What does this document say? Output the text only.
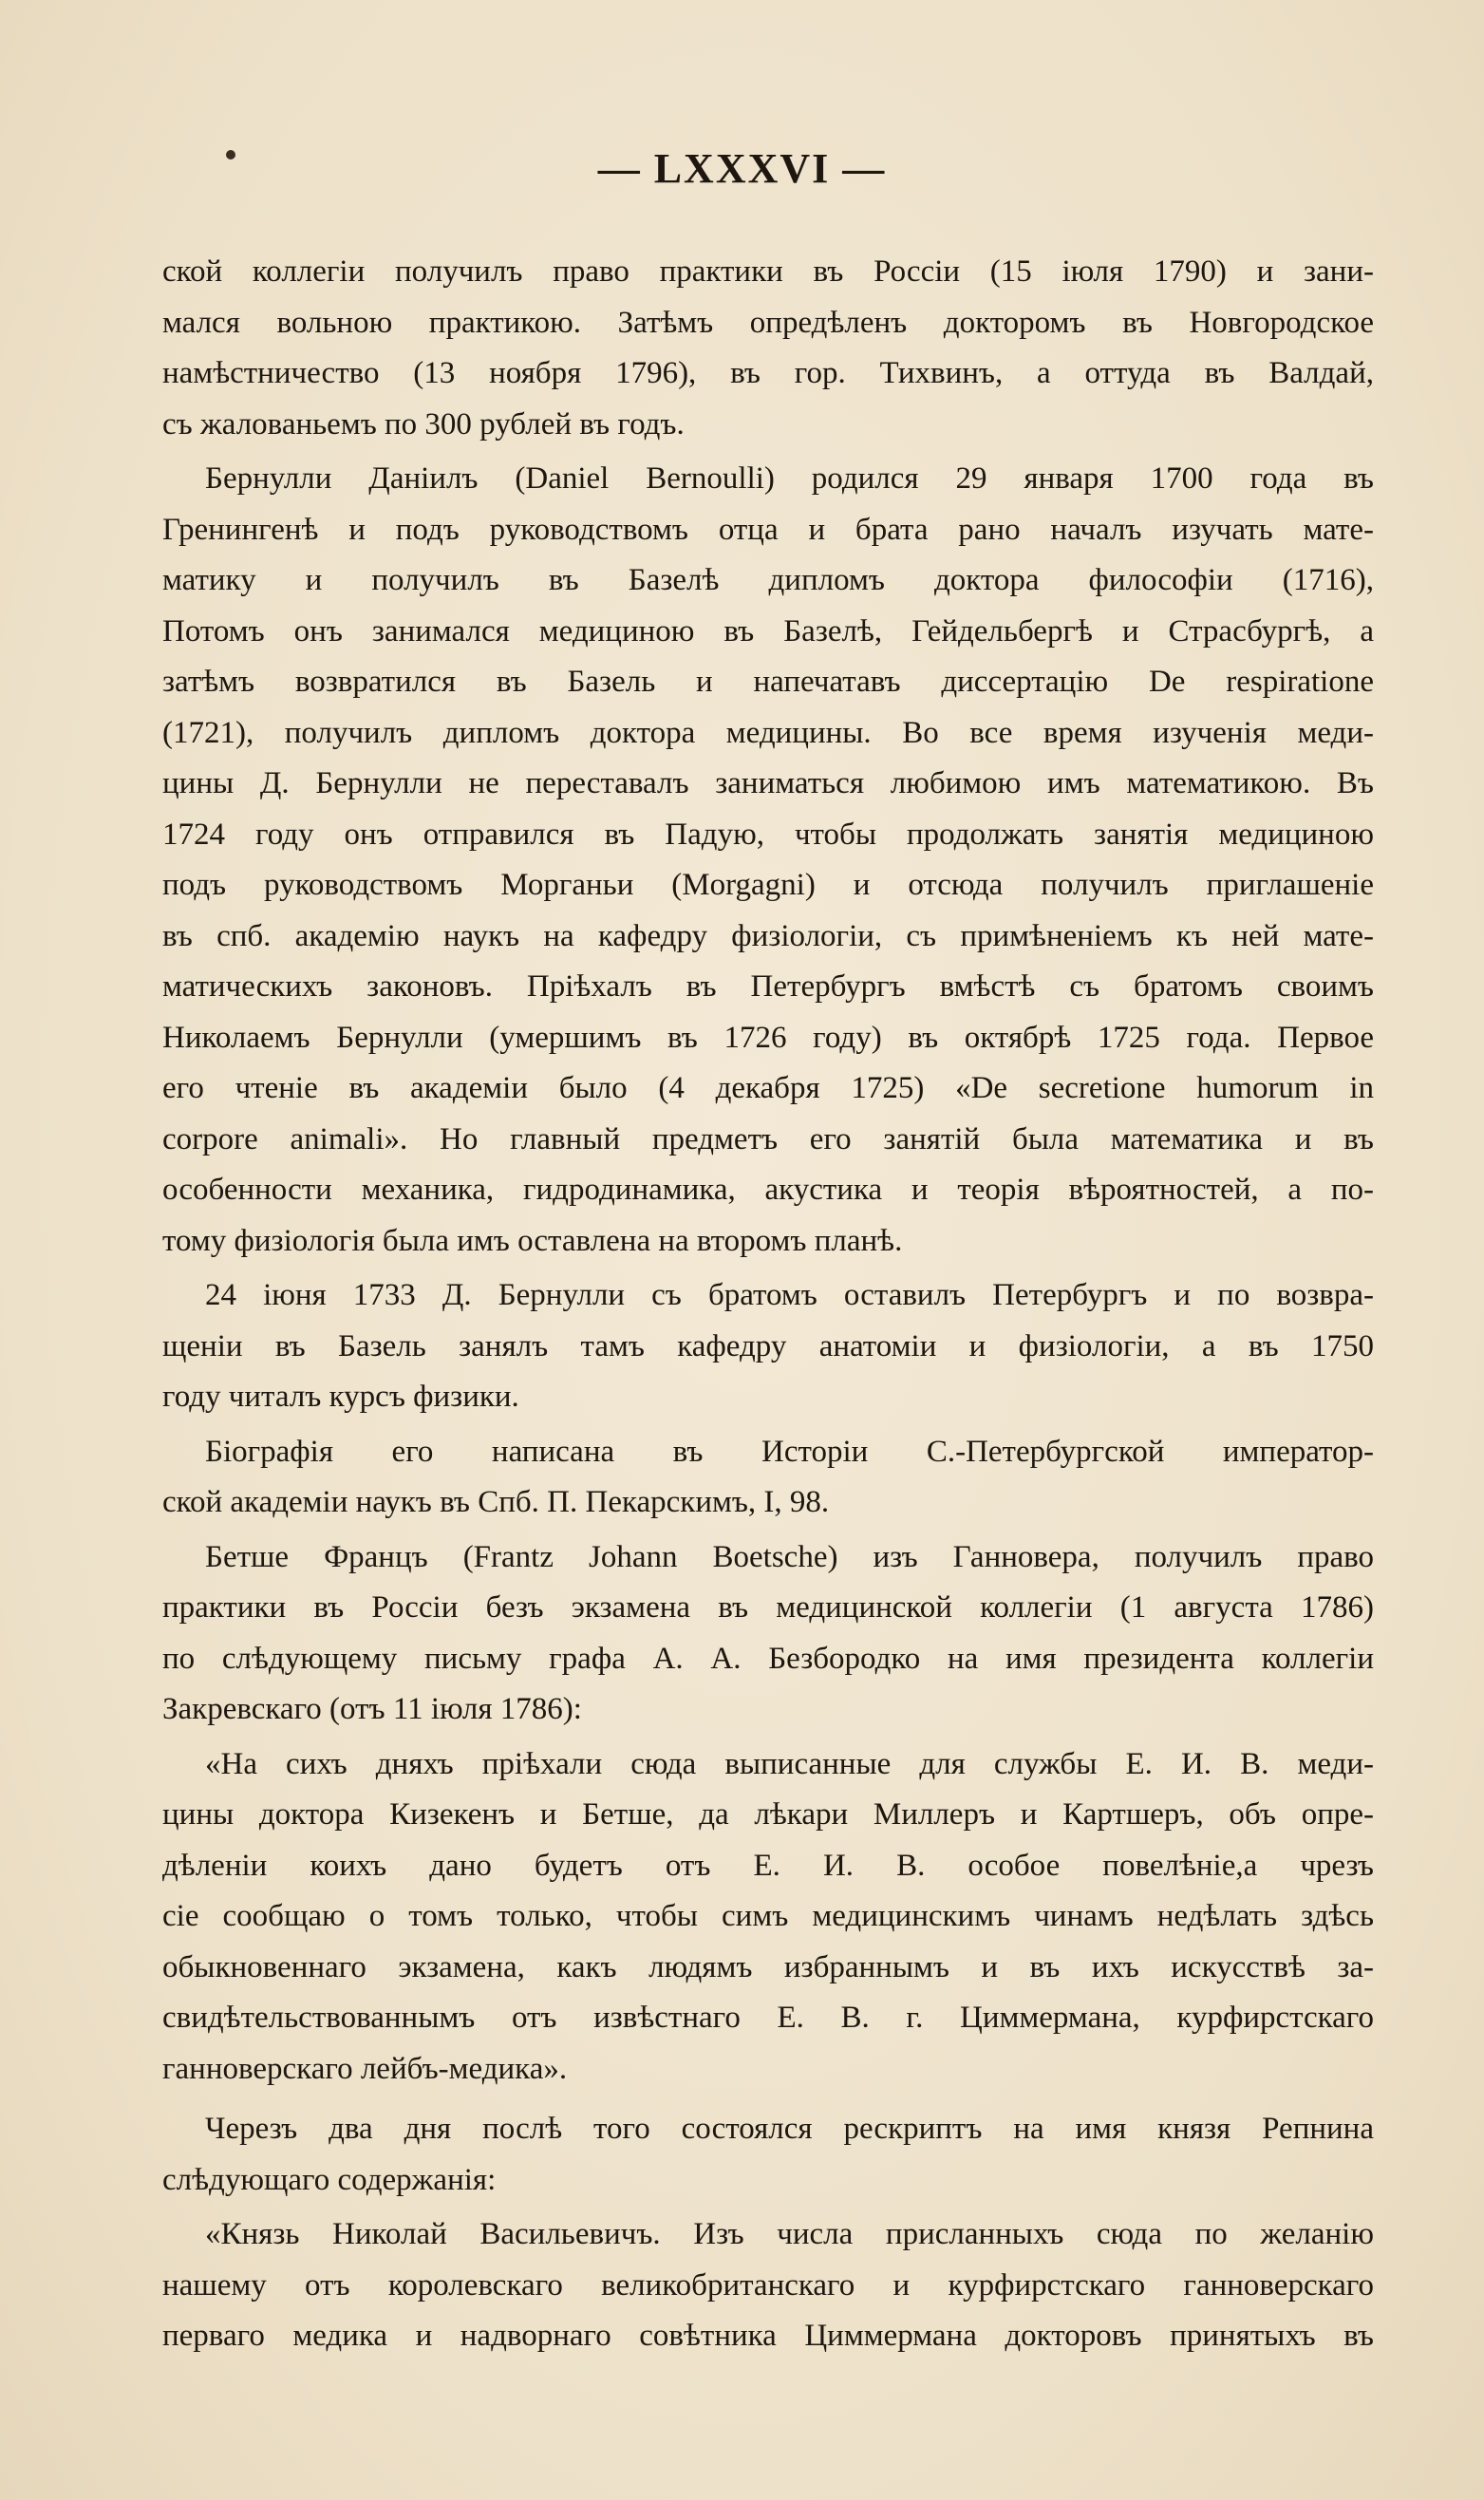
— LXXXVI —
ской коллегіи получилъ право практики въ Россіи (15 іюля 1790) и зани-
мался вольною практикою. Затѣмъ опредѣленъ докторомъ въ Новгородское
намѣстничество (13 ноября 1796), въ гор. Тихвинъ, а оттуда въ Валдай,
съ жалованьемъ по 300 рублей въ годъ.
Бернулли Даніилъ (Daniel Bernoulli) родился 29 января 1700 года въ
Гренингенѣ и подъ руководствомъ отца и брата рано началъ изучать мате-
матику и получилъ въ Базелѣ дипломъ доктора философіи (1716),
Потомъ онъ занимался медициною въ Базелѣ, Гейдельбергѣ и Страсбургѣ, а
затѣмъ возвратился въ Базель и напечатавъ диссертацію De respiratione
(1721), получилъ дипломъ доктора медицины. Во все время изученія меди-
цины Д. Бернулли не переставалъ заниматься любимою имъ математикою. Въ
1724 году онъ отправился въ Падую, чтобы продолжать занятія медициною
подъ руководствомъ Морганьи (Morgagni) и отсюда получилъ приглашеніе
въ спб. академію наукъ на кафедру физіологіи, съ примѣненіемъ къ ней мате-
матическихъ законовъ. Пріѣхалъ въ Петербургъ вмѣстѣ съ братомъ своимъ
Николаемъ Бернулли (умершимъ въ 1726 году) въ октябрѣ 1725 года. Первое
его чтеніе въ академіи было (4 декабря 1725) «De secretione humorum in
corpore animali». Но главный предметъ его занятій была математика и въ
особенности механика, гидродинамика, акустика и теорія вѣроятностей, а по-
тому физіологія была имъ оставлена на второмъ планѣ.
24 іюня 1733 Д. Бернулли съ братомъ оставилъ Петербургъ и по возвра-
щеніи въ Базель занялъ тамъ кафедру анатоміи и физіологіи, а въ 1750
году читалъ курсъ физики.
Біографія его написана въ Исторіи С.-Петербургской император-
ской академіи наукъ въ Спб. П. Пекарскимъ, I, 98.
Бетше Францъ (Frantz Johann Boetsche) изъ Ганновера, получилъ право
практики въ Россіи безъ экзамена въ медицинской коллегіи (1 августа 1786)
по слѣдующему письму графа А. А. Безбородко на имя президента коллегіи
Закревскаго (отъ 11 іюля 1786):
«На сихъ дняхъ пріѣхали сюда выписанные для службы Е. И. В. меди-
цины доктора Кизекенъ и Бетше, да лѣкари Миллеръ и Картшеръ, объ опре-
дѣленіи коихъ дано будетъ отъ Е. И. В. особое повелѣніе,а чрезъ
сіе сообщаю о томъ только, чтобы симъ медицинскимъ чинамъ недѣлать здѣсь
обыкновеннаго экзамена, какъ людямъ избраннымъ и въ ихъ искусствѣ за-
свидѣтельствованнымъ отъ извѣстнаго Е. В. г. Циммермана, курфирстскаго
ганноверскаго лейбъ-медика».
Черезъ два дня послѣ того состоялся рескриптъ на имя князя Репнина
слѣдующаго содержанія:
«Князь Николай Васильевичъ. Изъ числа присланныхъ сюда по желанію
нашему отъ королевскаго великобританскаго и курфирстскаго ганноверскаго
перваго медика и надворнаго совѣтника Циммермана докторовъ принятыхъ въ
